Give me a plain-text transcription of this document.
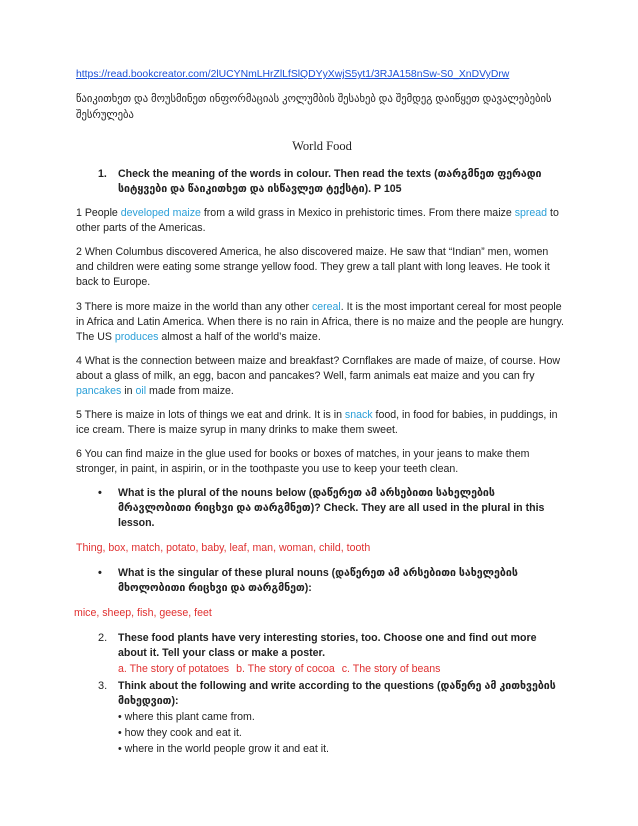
https://read.bookcreator.com/2lUCYNmLHrZlLfSlQDYyXwjS5yt1/3RJA158nSw-S0_XnDVyDrw
წაიკითხეთ და მოუსმინეთ ინფორმაციას კოლუმბის შესახებ და შემდეგ დაიწყეთ დავალებების შესრულება
World Food
1.	Check the meaning of the words in colour. Then read the texts (თარგმნეთ ფერადი სიტყვები და წაიკითხეთ და ისწავლეთ ტექსტი). P 105

1 People developed maize from a wild grass in Mexico in prehistoric times. From there maize spread to other parts of the Americas.

2 When Columbus discovered America, he also discovered maize. He saw that “Indian” men, women and children were eating some strange yellow food. They grew a tall plant with long leaves. He took it back to Europe.

3 There is more maize in the world than any other cereal. It is the most important cereal for most people in Africa and Latin America. When there is no rain in Africa, there is no maize and the people are hungry. The US produces almost a half of the world’s maize.

4 What is the connection between maize and breakfast? Cornflakes are made of maize, of course. How about a glass of milk, an egg, bacon and pancakes? Well, farm animals eat maize and you can fry pancakes in oil made from maize.

5 There is maize in lots of things we eat and drink. It is in snack food, in food for babies, in puddings, in ice cream. There is maize syrup in many drinks to make them sweet.

6 You can find maize in the glue used for books or boxes of matches, in your jeans to make them stronger, in paint, in aspirin, or in the toothpaste you use to keep your teeth clean.

•	What is the plural of the nouns below (დაწერეთ ამ არსებითი სახელების მრავლობითი რიცხვი და თარგმნეთ)? Check. They are all used in the plural in this lesson.
Thing, box, match, potato, baby, leaf, man, woman, child, tooth
•	What is the singular of these plural nouns (დაწერეთ ამ არსებითი სახელების მხოლობითი რიცხვი და თარგმნეთ):
mice, sheep, fish, geese, feet
2.	These food plants have very interesting stories, too. Choose one and find out more about it. Tell your class or make a poster.
a. The story of potatoes b. The story of cocoa c. The story of beans
3.	Think about the following and write according to the questions (დაწერე ამ კითხვების მიხედვით):
• where this plant came from.
• how they cook and eat it.
• where in the world people grow it and eat it.
